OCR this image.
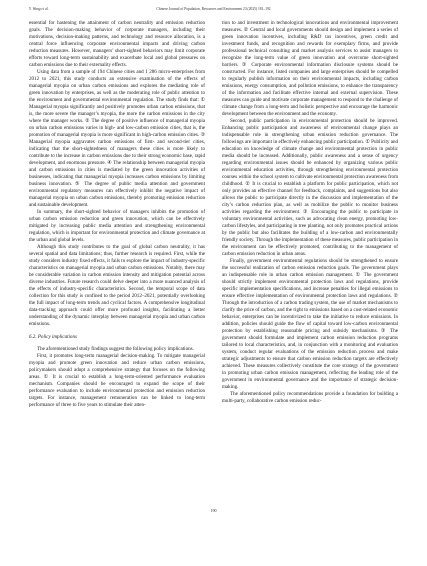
Y. Wang et al.	Chinese Journal of Population, Resources and Environment 23 (2025) 181–192

essential for hastening the attainment of carbon neutrality and emission reduction goals. The decision-making behavior of corporate managers, including their motivations, decision-making patterns, and technology and resource allocation, is a central force influencing corporate environmental impacts and driving carbon reduction measures. However, managers’ short-sighted behaviors may limit corporate efforts toward long-term sustainability and exacerbate local and global pressures on carbon emissions due to their externality effects.

Using data from a sample of 194 Chinese cities and 1 286 micro-enterprises from 2012 to 2021, this study conducts an extensive examination of the effects of managerial myopia on urban carbon emissions and explores the mediating role of green innovation by enterprises, as well as the moderating role of public attention to the environment and governmental environmental regulation. The study finds that: ① Managerial myopia significantly and positively promotes urban carbon emissions, that is, the more severe the manager’s myopia, the more the carbon emissions in the city where the manager works. ② The degree of positive influence of managerial myopia on urban carbon emissions varies in high- and low-carbon emission cities, that is, the promotion of managerial myopia is more significant in high-carbon emission cities. ③ Managerial myopia aggravates carbon emissions of first- and second-tier cities, indicating that the short-sightedness of managers these cities is more likely to contribute to the increase in carbon emissions due to their strong economic base, rapid development, and enormous pressure. ④ The relationship between managerial myopia and carbon emissions in cities is mediated by the green innovation activities of businesses, indicating that managerial myopia increases carbon emissions by limiting business innovation. ⑤ The degree of public media attention and government environmental regulatory measures can effectively inhibit the negative impact of managerial myopia on urban carbon emissions, thereby promoting emission reduction and sustainable development.

In summary, the short-sighted behavior of managers inhibits the promotion of urban carbon emission reduction and green innovation, which can be effectively mitigated by increasing public media attention and strengthening environmental regulation, which is important for environmental protection and climate governance at the urban and global levels.

Although this study contributes to the goal of global carbon neutrality, it has several spatial and data limitations; thus, further research is required. First, while the study considers industry fixed effects, it fails to explore the impact of industry-specific characteristics on managerial myopia and urban carbon emissions. Notably, there may be considerable variation in carbon emission intensity and mitigation potential across diverse industries. Future research could delve deeper into a more nuanced analysis of the effects of industry-specific characteristics. Second, the temporal scope of data collection for this study is confined to the period 2012–2021, potentially overlooking the full impact of long-term trends and cyclical factors. A comprehensive longitudinal data-tracking approach could offer more profound insights, facilitating a better understanding of the dynamic interplay between managerial myopia and urban carbon emissions.

6.2. Policy implications

The aforementioned study findings suggest the following policy implications.

First, it promotes long-term managerial decision-making. To mitigate managerial myopia and promote green innovation and reduce urban carbon emissions, policymakers should adopt a comprehensive strategy that focuses on the following areas. ① It is crucial to establish a long-term-oriented performance evaluation mechanism. Companies should be encouraged to expand the scope of their performance evaluation to include environmental protection and emission reduction targets. For instance, management remuneration can be linked to long-term performance of three to five years to stimulate their atten-

tion to and investment in technological innovations and environmental improvement measures. ② Central and local governments should design and implement a series of green innovation incentives, including R&D tax incentives, green credit and investment funds, and recognition and rewards for exemplary firms, and provide professional technical consulting and market analysis services to assist managers to recognize the long-term value of green innovation and overcome short-sighted barriers. ③ Corporate environmental information disclosure systems should be constructed. For instance, listed companies and large enterprises should be compelled to regularly publish information on their environmental impacts, including carbon emissions, energy consumption, and pollution emissions, to enhance the transparency of the information and facilitate effective internal and external supervision. These measures can guide and motivate corporate management to respond to the challenge of climate change from a long-term and holistic perspective and encourage the harmonic development between the environment and the economy.

Second, public participation in environmental protection should be improved. Enhancing public participation and awareness of environmental change plays an indispensable role in strengthening urban emission reduction governance. The followings are important in effectively enhancing public participation. ① Publicity and education on knowledge of climate change and environmental protection in public media should be increased. Additionally, public awareness and a sense of urgency regarding environmental issues should be enhanced by organizing various public environmental education activities, through strengthening environmental protection courses within the school system to cultivate environmental protection awareness from childhood. ② It is crucial to establish a platform for public participation, which not only provides an effective channel for feedback, complaints, and suggestions but also allows the public to participate directly in the discussion and implementation of the city’s carbon reduction plan, as well as mobilize the public to monitor business activities regarding the environment. ③ Encouraging the public to participate in voluntary environmental activities, such as advocating clean energy, promoting low-carbon lifestyles, and participating in tree planting, not only promotes practical actions by the public but also facilitates the building of a low-carbon and environmentally friendly society. Through the implementation of these measures, public participation in the environment can be effectively promoted, contributing to the management of carbon emission reduction in urban areas.

Finally, government environmental regulations should be strengthened to ensure the successful realization of carbon emission reduction goals. The government plays an indispensable role in urban carbon emission management. ① The government should strictly implement environmental protection laws and regulations, provide specific implementation specifications, and increase penalties for illegal emissions to ensure effective implementation of environmental protection laws and regulations. ② Through the introduction of a carbon trading system, the use of market mechanisms to clarify the price of carbon, and the right to emissions based on a cost-related economic behavior, enterprises can be incentivized to take the initiative to reduce emissions. In addition, policies should guide the flow of capital toward low-carbon environmental protection by establishing reasonable pricing and subsidy mechanisms. ③ The government should formulate and implement carbon emission reduction programs tailored to local characteristics, and, in conjunction with a monitoring and evaluation system, conduct regular evaluations of the emission reduction process and make strategic adjustments to ensure that carbon emission reduction targets are effectively achieved. These measures collectively constitute the core strategy of the government in promoting urban carbon emission management, reflecting the leading role of the government in environmental governance and the importance of strategic decision-making.

The aforementioned policy recommendations provide a foundation for building a multi-party, collaborative carbon emission reduc-

190
